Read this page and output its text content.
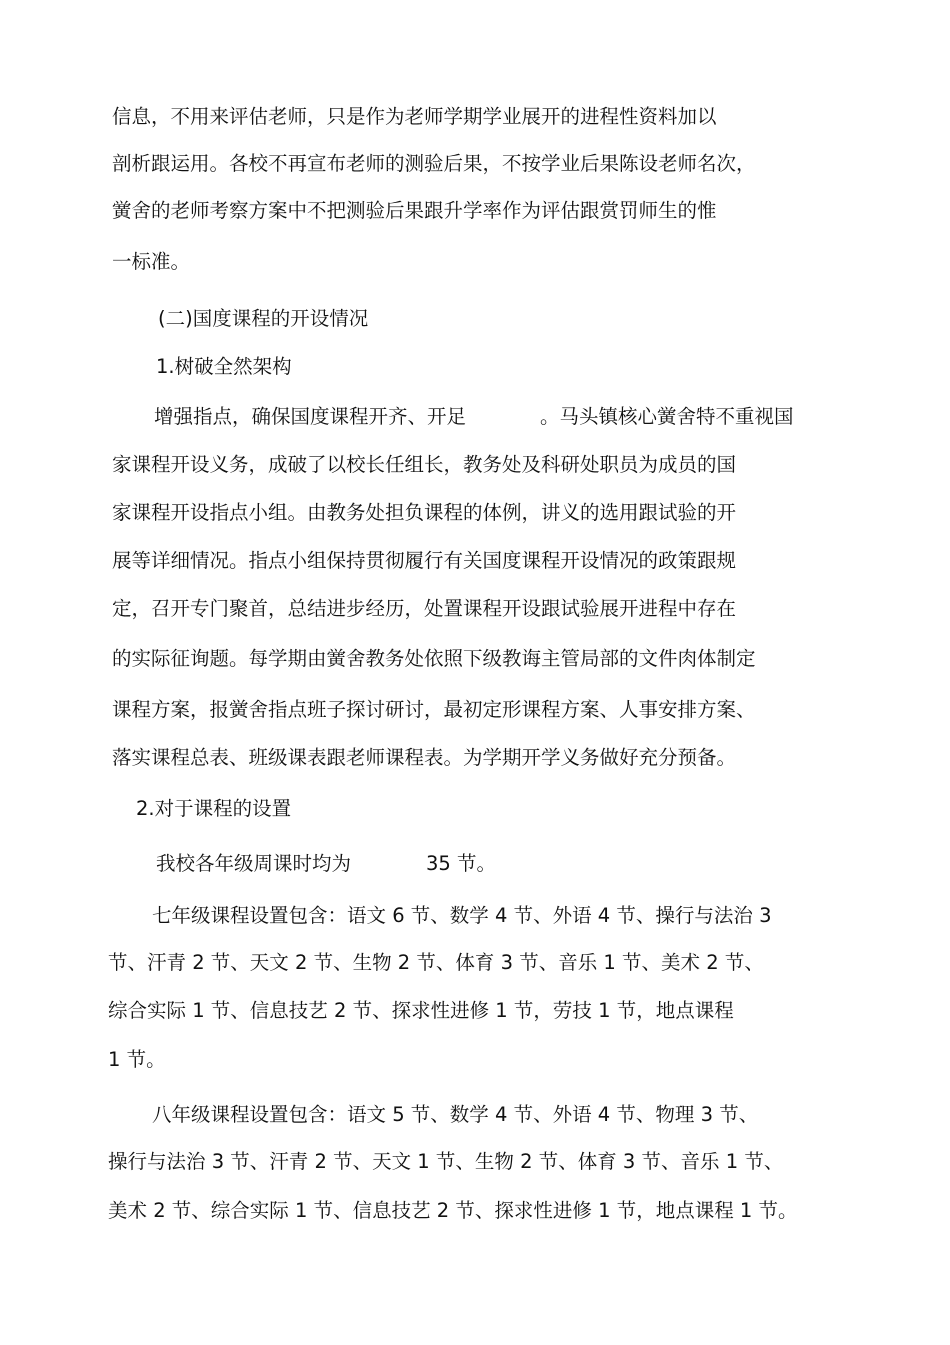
信息，不用来评估老师，只是作为老师学期学业展开的进程性资料加以
剖析跟运用。各校不再宣布老师的测验后果，不按学业后果陈设老师名次，
黉舍的老师考察方案中不把测验后果跟升学率作为评估跟赏罚师生的惟
一标准。
(二)国度课程的开设情况
1.树破全然架构
增强指点，确保国度课程开齐、开足	。马头镇核心黉舍特不重视国
家课程开设义务，成破了以校长任组长，教务处及科研处职员为成员的国
家课程开设指点小组。由教务处担负课程的体例，讲义的选用跟试验的开
展等详细情况。指点小组保持贯彻履行有关国度课程开设情况的政策跟规
定，召开专门聚首，总结进步经历，处置课程开设跟试验展开进程中存在
的实际征询题。每学期由黉舍教务处依照下级教诲主管局部的文件肉体制定
课程方案，报黉舍指点班子探讨研讨，最初定形课程方案、人事安排方案、
落实课程总表、班级课表跟老师课程表。为学期开学义务做好充分预备。
2.对于课程的设置
我校各年级周课时均为	35 节。
七年级课程设置包含：语文 6 节、数学 4 节、外语 4 节、操行与法治 3
节、汗青 2 节、天文 2 节、生物 2 节、体育 3 节、音乐 1 节、美术 2 节、
综合实际 1 节、信息技艺 2 节、探求性进修 1 节，劳技 1 节，地点课程
1 节。
八年级课程设置包含：语文 5 节、数学 4 节、外语 4 节、物理 3 节、
操行与法治 3 节、汗青 2 节、天文 1 节、生物 2 节、体育 3 节、音乐 1 节、
美术 2 节、综合实际 1 节、信息技艺 2 节、探求性进修 1 节，地点课程 1 节。
